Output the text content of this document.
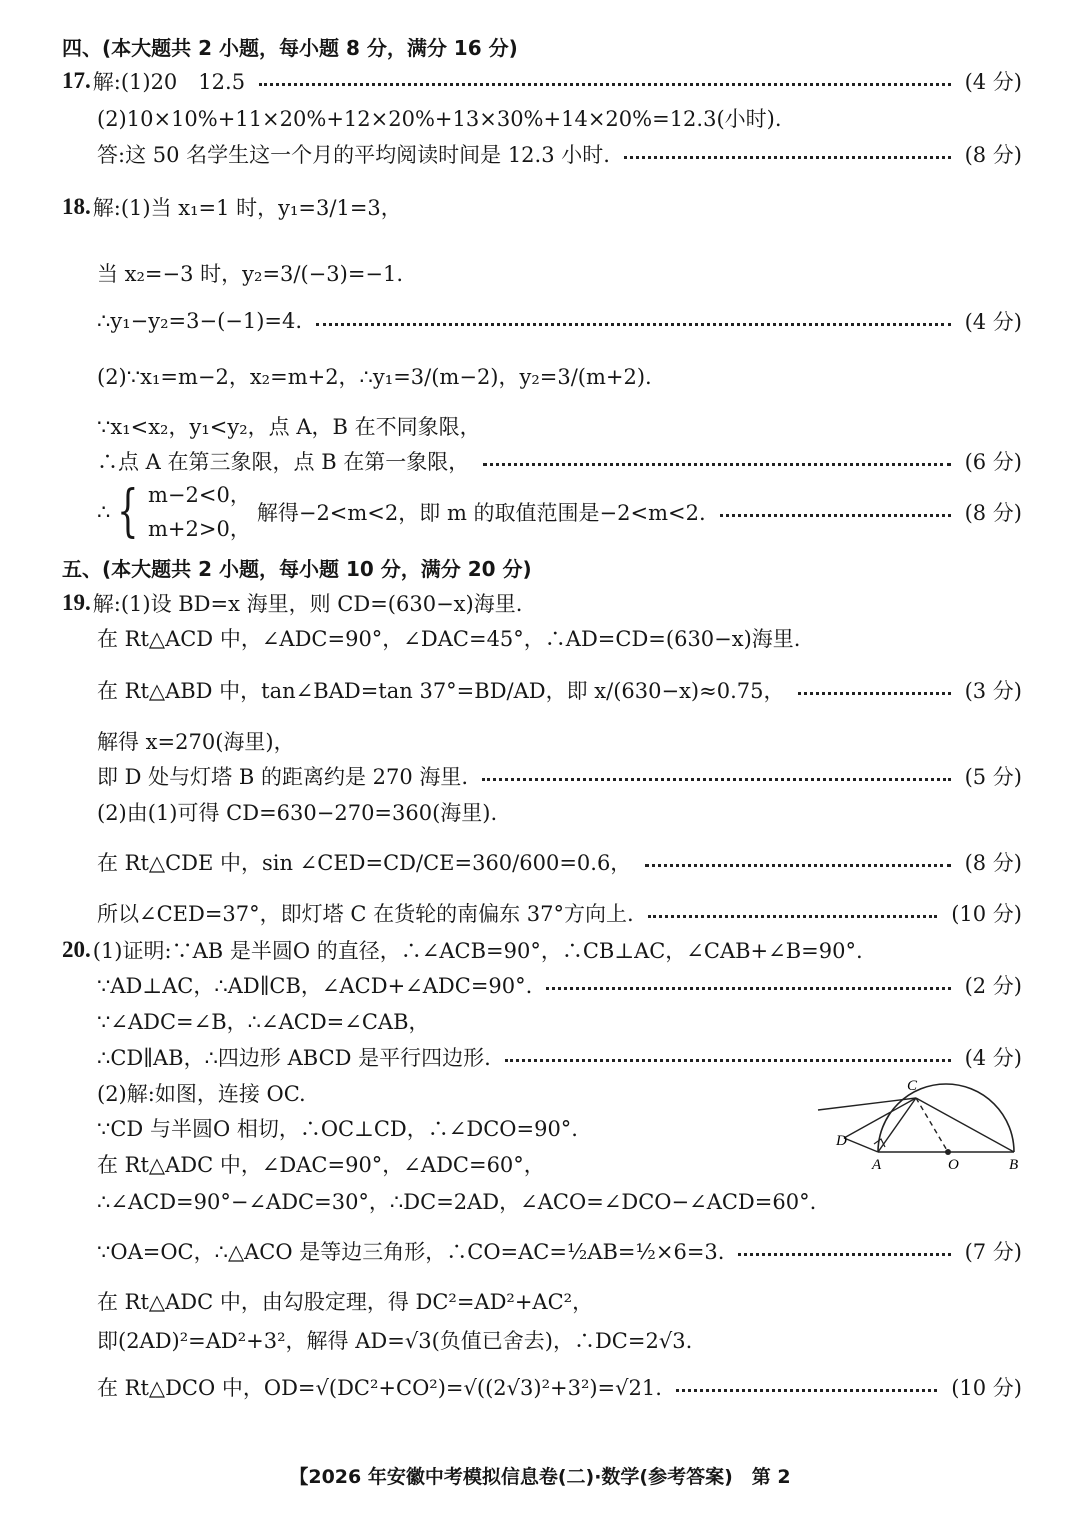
四、(本大题共 2 小题，每小题 8 分，满分 16 分)
17. 解:(1)20　12.5	(4 分)
(2)10×10%+11×20%+12×20%+13×30%+14×20%=12.3(小时).
答:这 50 名学生这一个月的平均阅读时间是 12.3 小时.	(8 分)
18. 解:(1)当 x₁=1 时，y₁=3/1=3，
当 x₂=−3 时，y₂=3/(−3)=−1.
∴y₁−y₂=3−(−1)=4.	(4 分)
(2)∵x₁=m−2，x₂=m+2，∴y₁=3/(m−2)，y₂=3/(m+2).
∵x₁<x₂，y₁<y₂，点 A，B 在不同象限，
∴点 A 在第三象限，点 B 在第一象限，	(6 分)
∴ { m−2<0，
m+2>0，
解得−2<m<2，即 m 的取值范围是−2<m<2.	(8 分)
五、(本大题共 2 小题，每小题 10 分，满分 20 分)
19. 解:(1)设 BD=x 海里，则 CD=(630−x)海里.
在 Rt△ACD 中，∠ADC=90°，∠DAC=45°，∴AD=CD=(630−x)海里.
在 Rt△ABD 中，tan∠BAD=tan 37°=BD/AD，即 x/(630−x)≈0.75，	(3 分)
解得 x=270(海里)，
即 D 处与灯塔 B 的距离约是 270 海里.	(5 分)
(2)由(1)可得 CD=630−270=360(海里).
在 Rt△CDE 中，sin ∠CED=CD/CE=360/600=0.6，	(8 分)
所以∠CED=37°，即灯塔 C 在货轮的南偏东 37°方向上.	(10 分)
20. (1)证明:∵AB 是半圆O 的直径，∴∠ACB=90°，∴CB⊥AC，∠CAB+∠B=90°.
∵AD⊥AC，∴AD∥CB，∠ACD+∠ADC=90°.	(2 分)
∵∠ADC=∠B，∴∠ACD=∠CAB，
∴CD∥AB，∴四边形 ABCD 是平行四边形.	(4 分)
(2)解:如图，连接 OC.
∵CD 与半圆O 相切，∴OC⊥CD，∴∠DCO=90°.
在 Rt△ADC 中，∠DAC=90°，∠ADC=60°，
∴∠ACD=90°−∠ADC=30°，∴DC=2AD，∠ACO=∠DCO−∠ACD=60°.
∵OA=OC，∴△ACO 是等边三角形，∴CO=AC=½AB=½×6=3.	(7 分)
在 Rt△ADC 中，由勾股定理，得 DC²=AD²+AC²，
即(2AD)²=AD²+3²，解得 AD=√3(负值已舍去)，∴DC=2√3.
在 Rt△DCO 中，OD=√(DC²+CO²)=√((2√3)²+3²)=√21.	(10 分)
C
D
A	O	B
【2026 年安徽中考模拟信息卷(二)·数学(参考答案)　第 2
